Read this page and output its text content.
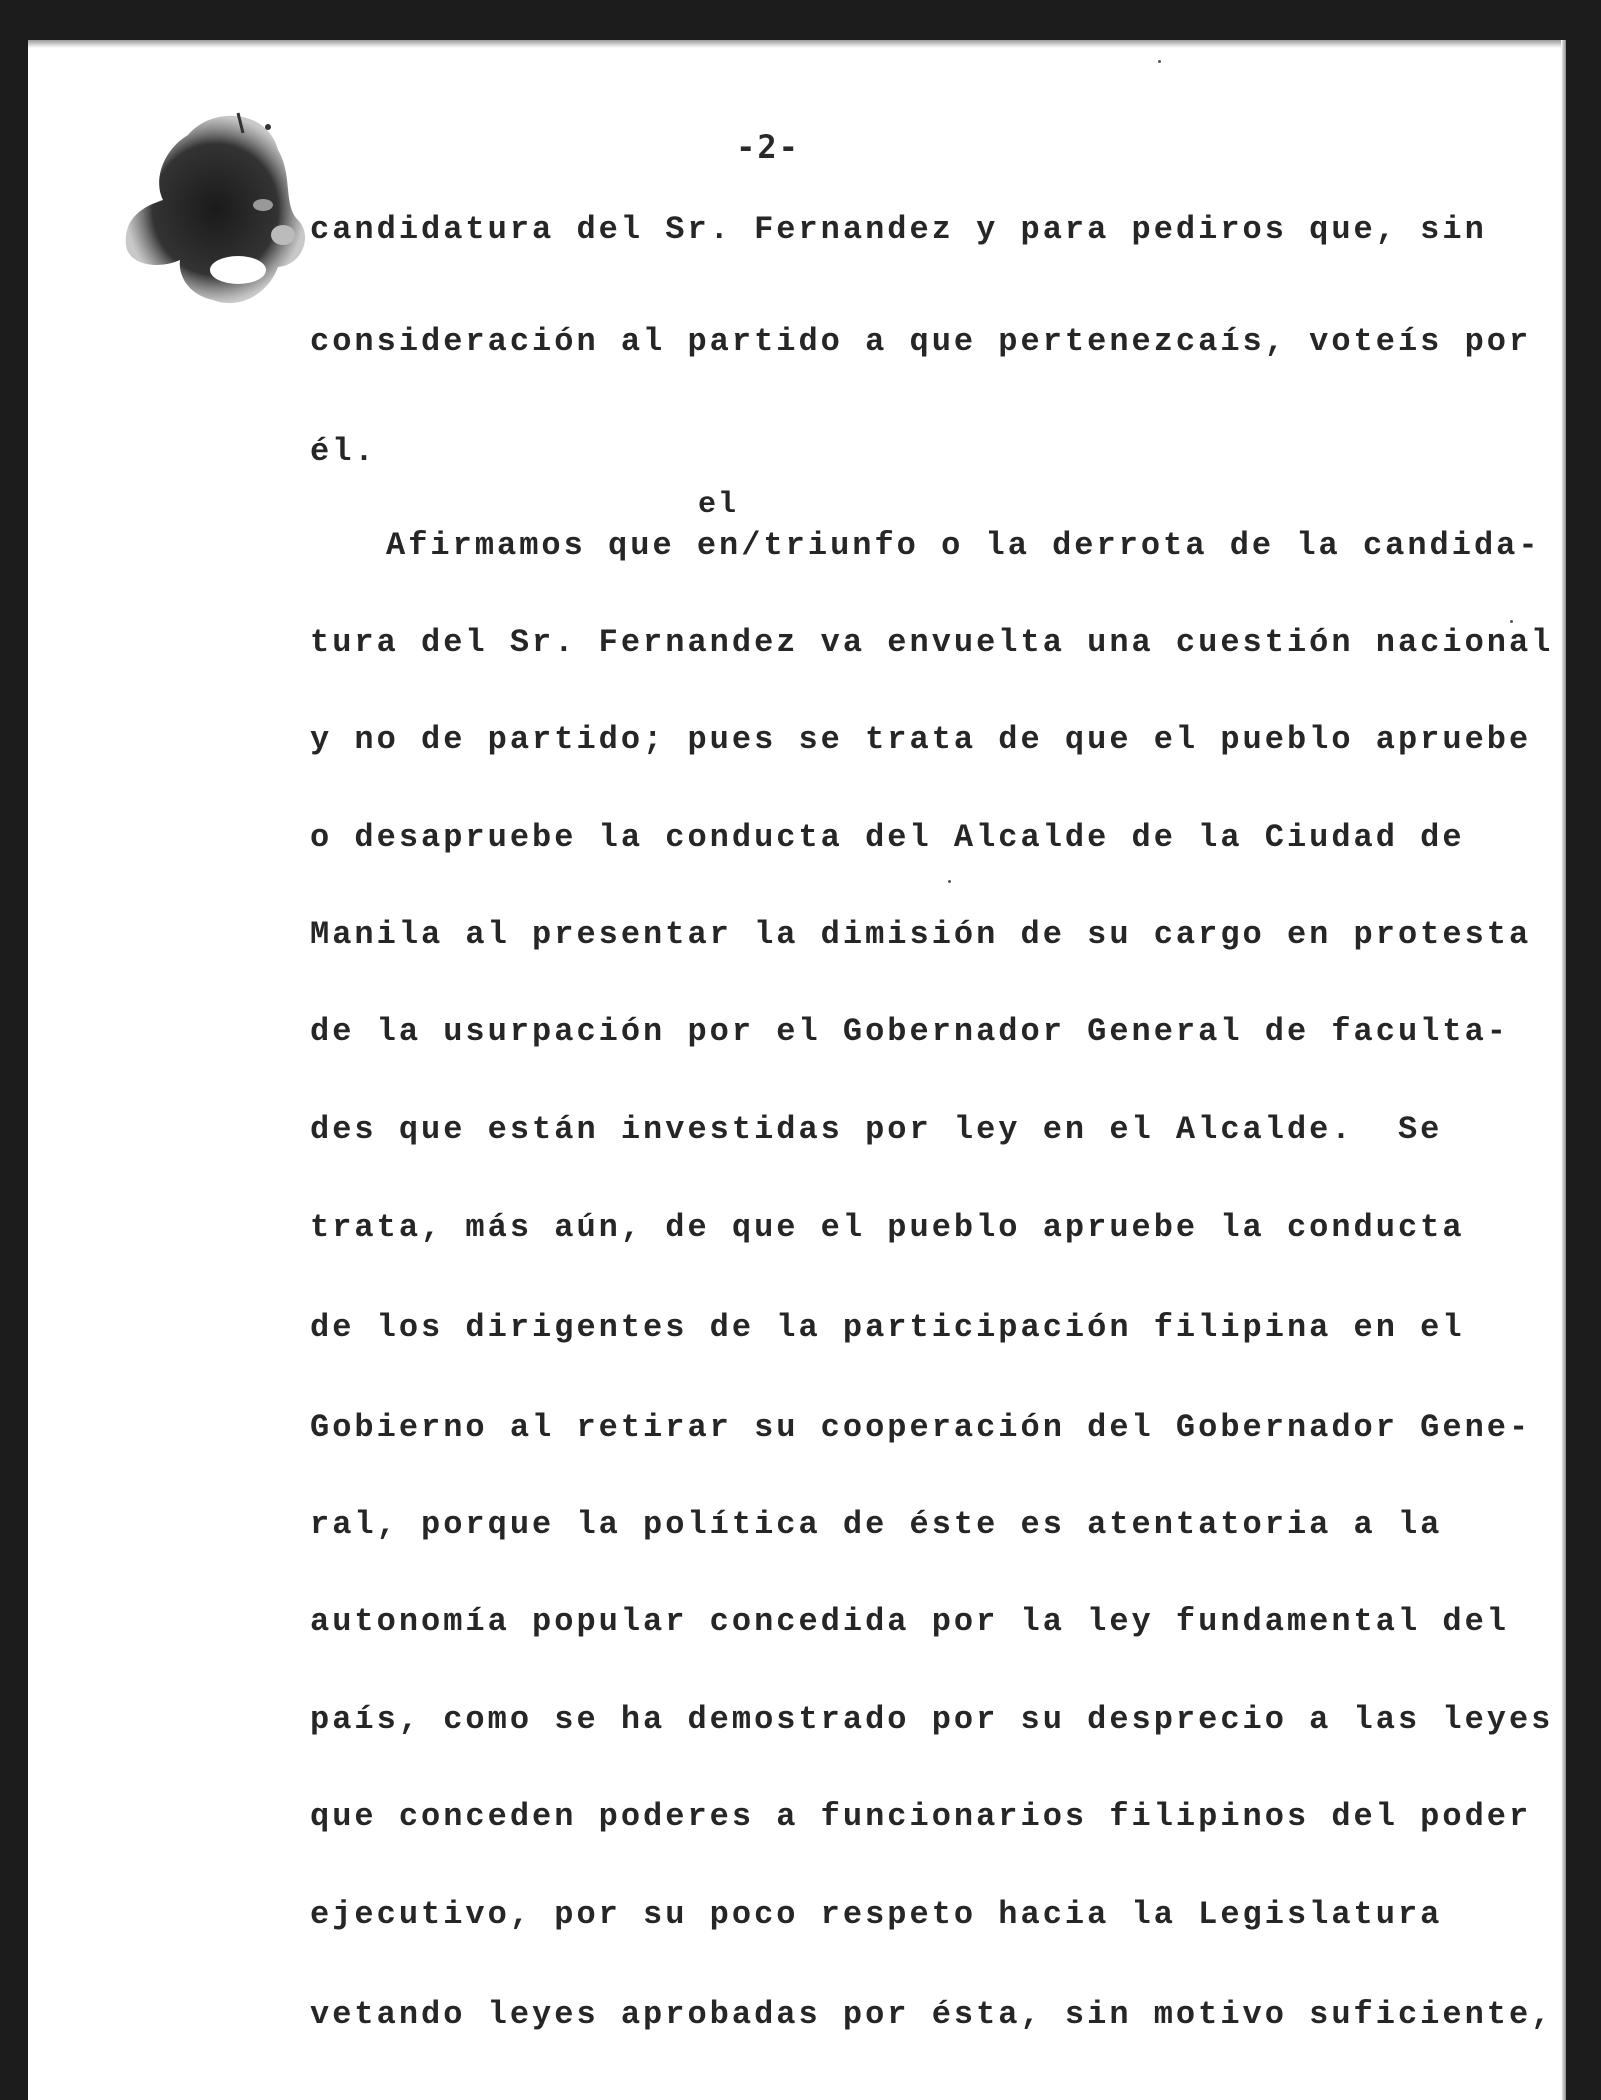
-2-
el
candidatura del Sr. Fernandez y para pediros que, sin
consideración al partido a que pertenezcaís, voteís por
él.
Afirmamos que en/triunfo o la derrota de la candida-
tura del Sr. Fernandez va envuelta una cuestión nacional
y no de partido; pues se trata de que el pueblo apruebe
o desapruebe la conducta del Alcalde de la Ciudad de
Manila al presentar la dimisión de su cargo en protesta
de la usurpación por el Gobernador General de faculta-
des que están investidas por ley en el Alcalde.  Se
trata, más aún, de que el pueblo apruebe la conducta
de los dirigentes de la participación filipina en el
Gobierno al retirar su cooperación del Gobernador Gene-
ral, porque la política de éste es atentatoria a la
autonomía popular concedida por la ley fundamental del
país, como se ha demostrado por su desprecio a las leyes
que conceden poderes a funcionarios filipinos del poder
ejecutivo, por su poco respeto hacia la Legislatura
vetando leyes aprobadas por ésta, sin motivo suficiente,
